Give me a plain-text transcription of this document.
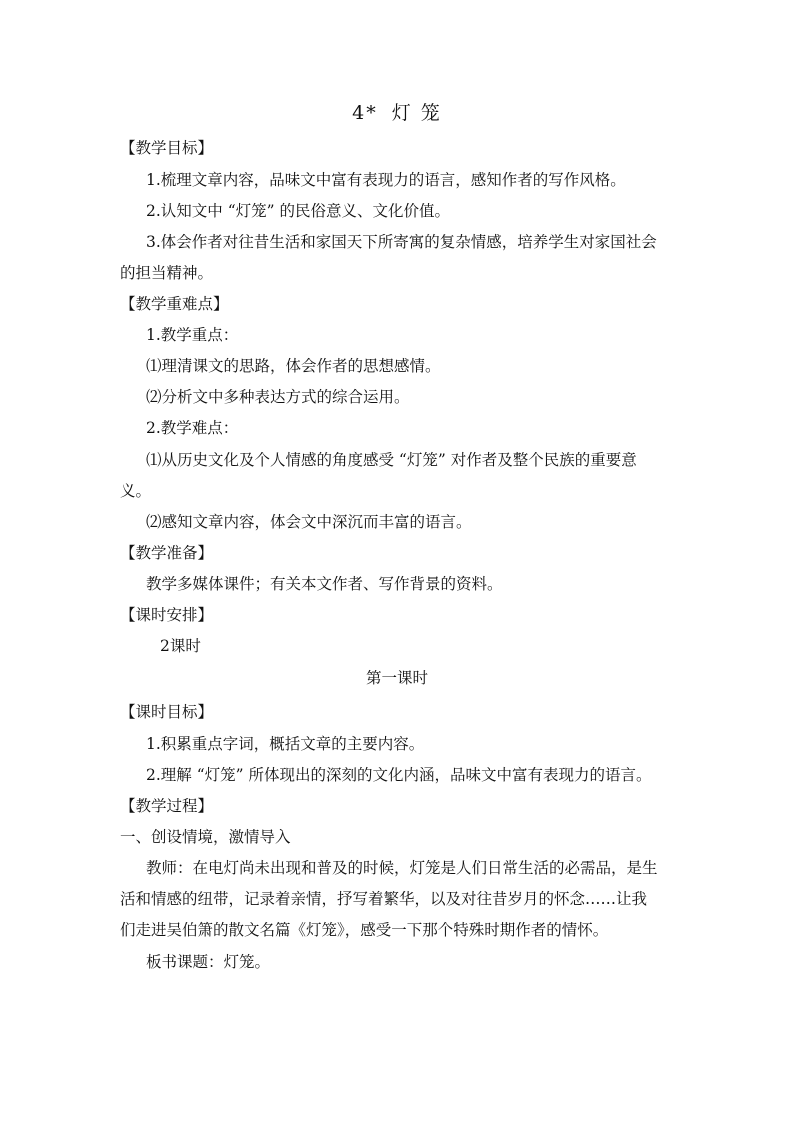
4* 灯 笼
【教学目标】
1.梳理文章内容，品味文中富有表现力的语言，感知作者的写作风格。
2.认知文中 “灯笼” 的民俗意义、文化价值。
3.体会作者对往昔生活和家国天下所寄寓的复杂情感，培养学生对家国社会
的担当精神。
【教学重难点】
1.教学重点：
⑴理清课文的思路，体会作者的思想感情。
⑵分析文中多种表达方式的综合运用。
2.教学难点：
⑴从历史文化及个人情感的角度感受 “灯笼” 对作者及整个民族的重要意
义。
⑵感知文章内容，体会文中深沉而丰富的语言。
【教学准备】
教学多媒体课件；有关本文作者、写作背景的资料。
【课时安排】
2课时
第一课时
【课时目标】
1.积累重点字词，概括文章的主要内容。
2.理解 “灯笼” 所体现出的深刻的文化内涵，品味文中富有表现力的语言。
【教学过程】
一、创设情境，激情导入
教师：在电灯尚未出现和普及的时候，灯笼是人们日常生活的必需品，是生
活和情感的纽带，记录着亲情，抒写着繁华，以及对往昔岁月的怀念……让我
们走进吴伯箫的散文名篇《灯笼》，感受一下那个特殊时期作者的情怀。
板书课题：灯笼。
